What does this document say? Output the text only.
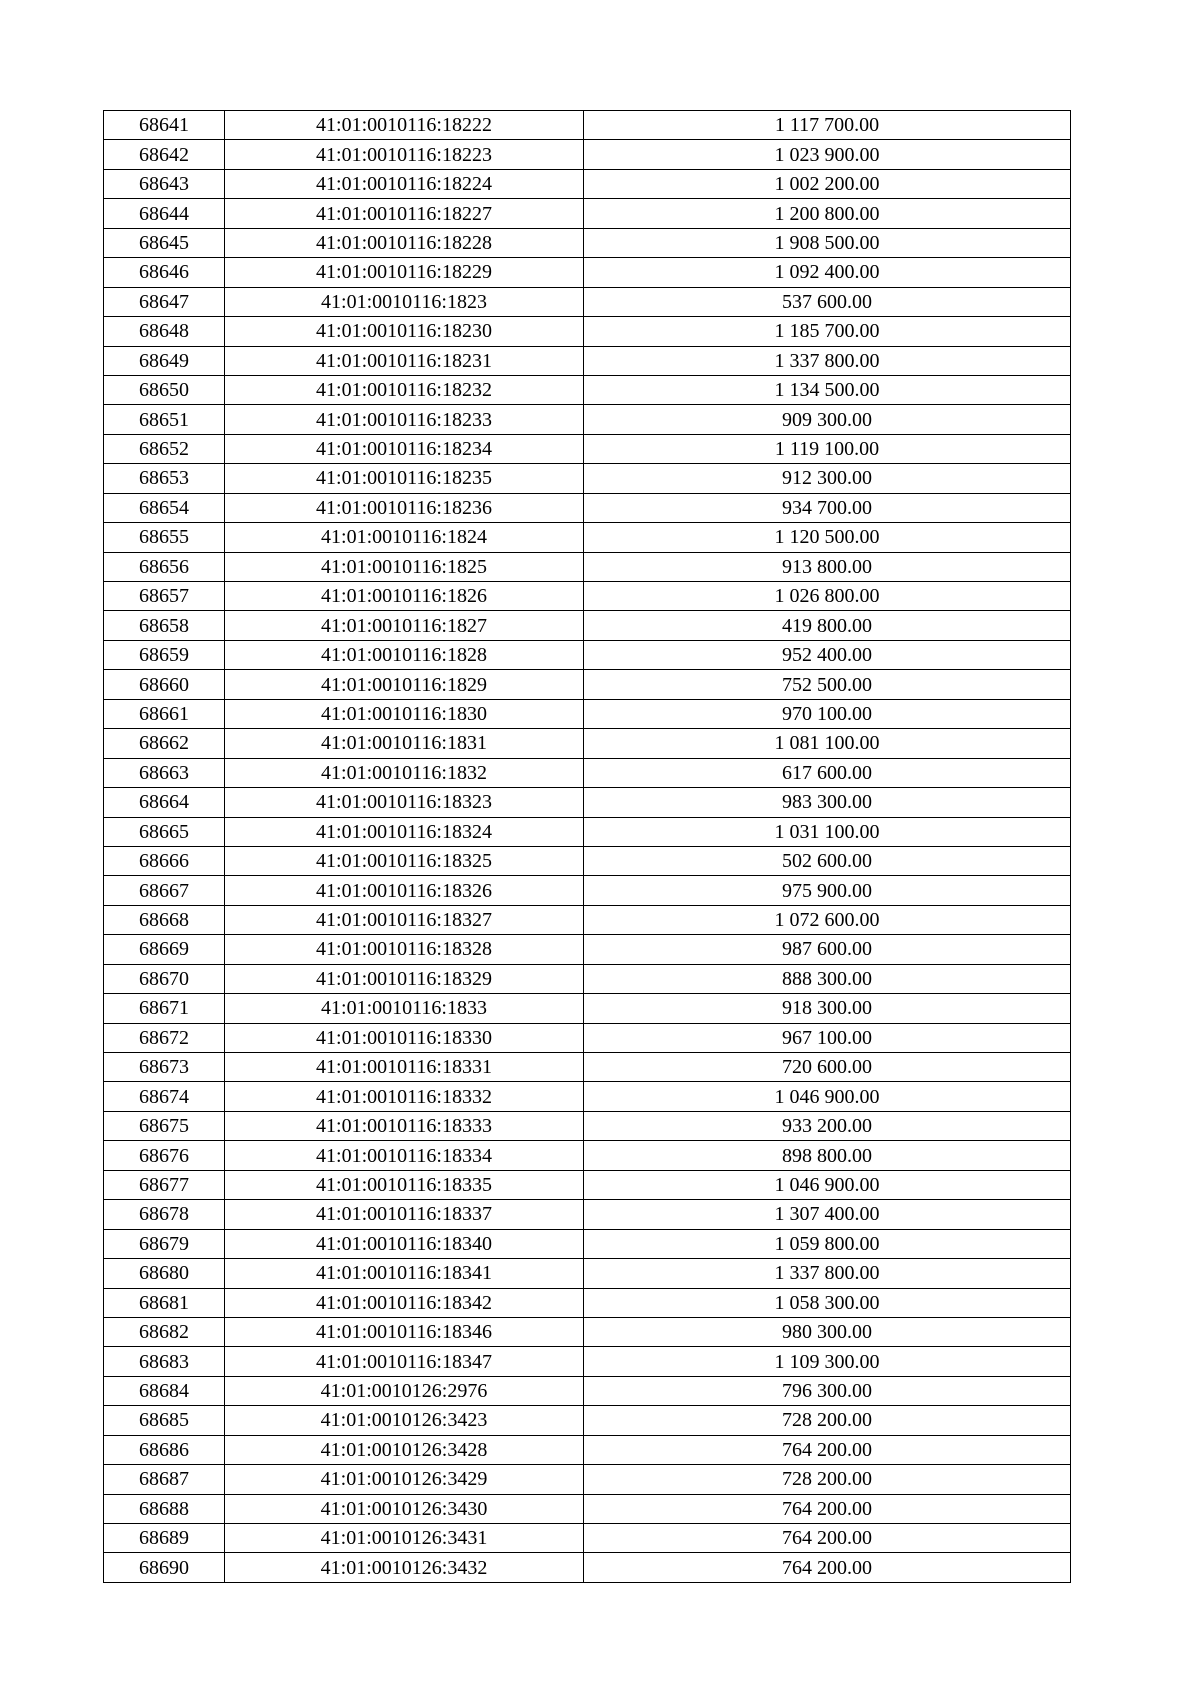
68641	41:01:0010116:18222	1 117 700.00
68642	41:01:0010116:18223	1 023 900.00
68643	41:01:0010116:18224	1 002 200.00
68644	41:01:0010116:18227	1 200 800.00
68645	41:01:0010116:18228	1 908 500.00
68646	41:01:0010116:18229	1 092 400.00
68647	41:01:0010116:1823	537 600.00
68648	41:01:0010116:18230	1 185 700.00
68649	41:01:0010116:18231	1 337 800.00
68650	41:01:0010116:18232	1 134 500.00
68651	41:01:0010116:18233	909 300.00
68652	41:01:0010116:18234	1 119 100.00
68653	41:01:0010116:18235	912 300.00
68654	41:01:0010116:18236	934 700.00
68655	41:01:0010116:1824	1 120 500.00
68656	41:01:0010116:1825	913 800.00
68657	41:01:0010116:1826	1 026 800.00
68658	41:01:0010116:1827	419 800.00
68659	41:01:0010116:1828	952 400.00
68660	41:01:0010116:1829	752 500.00
68661	41:01:0010116:1830	970 100.00
68662	41:01:0010116:1831	1 081 100.00
68663	41:01:0010116:1832	617 600.00
68664	41:01:0010116:18323	983 300.00
68665	41:01:0010116:18324	1 031 100.00
68666	41:01:0010116:18325	502 600.00
68667	41:01:0010116:18326	975 900.00
68668	41:01:0010116:18327	1 072 600.00
68669	41:01:0010116:18328	987 600.00
68670	41:01:0010116:18329	888 300.00
68671	41:01:0010116:1833	918 300.00
68672	41:01:0010116:18330	967 100.00
68673	41:01:0010116:18331	720 600.00
68674	41:01:0010116:18332	1 046 900.00
68675	41:01:0010116:18333	933 200.00
68676	41:01:0010116:18334	898 800.00
68677	41:01:0010116:18335	1 046 900.00
68678	41:01:0010116:18337	1 307 400.00
68679	41:01:0010116:18340	1 059 800.00
68680	41:01:0010116:18341	1 337 800.00
68681	41:01:0010116:18342	1 058 300.00
68682	41:01:0010116:18346	980 300.00
68683	41:01:0010116:18347	1 109 300.00
68684	41:01:0010126:2976	796 300.00
68685	41:01:0010126:3423	728 200.00
68686	41:01:0010126:3428	764 200.00
68687	41:01:0010126:3429	728 200.00
68688	41:01:0010126:3430	764 200.00
68689	41:01:0010126:3431	764 200.00
68690	41:01:0010126:3432	764 200.00
